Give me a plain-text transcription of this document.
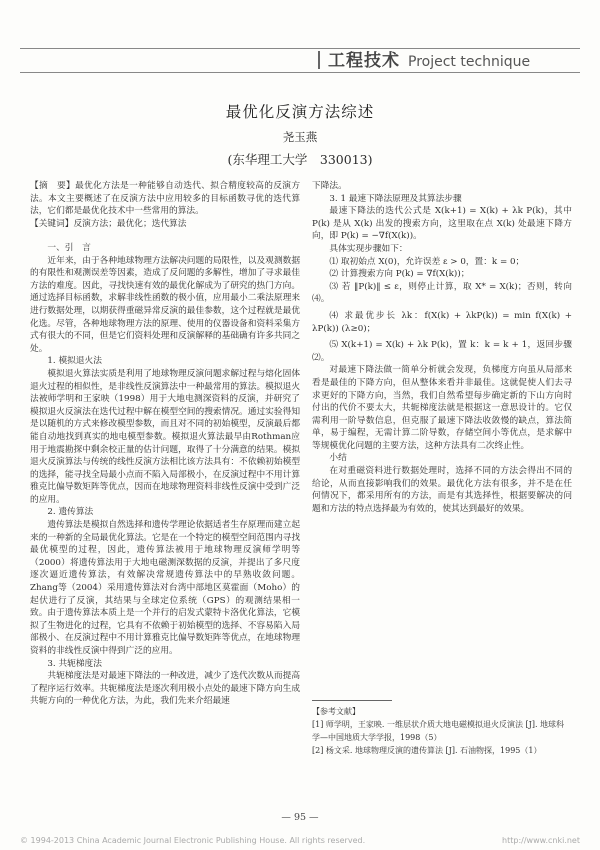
工程技术 Project technique
最优化反演方法综述
尧玉燕
(东华理工大学　330013)

【摘　要】最优化方法是一种能够自动迭代、拟合精度较高的反演方法。本文主要概述了在反演方法中应用较多的目标函数寻优的迭代算法，它们都是最优化技术中一些常用的算法。

【关键词】反演方法；最优化；迭代算法

一、引　言

近年来，由于各种地球物理方法解决问题的局限性，以及观测数据的有限性和观测误差等因素，造成了反问题的多解性，增加了寻求最佳方法的难度。因此，寻找快速有效的最优化解成为了研究的热门方向。通过选择目标函数，求解非线性函数的极小值，应用最小二乘法原理来进行数据处理，以期获得重磁异常反演的最佳参数，这个过程就是最优化选。尽管，各种地球物理方法的原理、使用的仪器设备和资料采集方式有很大的不同，但是它们资料处理和反演解释的基础确有许多共同之处。

1. 模拟退火法

模拟退火算法实质是利用了地球物理反演问题求解过程与熔化固体退火过程的相似性，是非线性反演算法中一种最常用的算法。模拟退火法被师学明和王家映（1998）用于大地电测深资料的反演，并研究了模拟退火反演法在迭代过程中解在模型空间的搜索情况。通过实验得知是以随机的方式来修改模型参数，而且对不同的初始模型，反演最后都能自动地找到真实的地电模型参数。模拟退火算法最早由Rothman应用于地震勘探中剩余校正量的估计问题，取得了十分满意的结果。模拟退火反演算法与传统的线性反演方法相比该方法具有：不依赖初始模型的选择，能寻找全局最小点而不陷入局部极小，在反演过程中不用计算雅克比偏导数矩阵等优点，因而在地球物理资料非线性反演中受到广泛的应用。

2. 遗传算法

遗传算法是模拟自然选择和遗传学理论依据适者生存原理而建立起来的一种新的全局最优化算法。它是在一个特定的模型空间范围内寻找最优模型的过程，因此，遗传算法被用于地球物理反演师学明等（2000）将遗传算法用于大地电磁测深数据的反演，并提出了多尺度逐次逼近遗传算法，有效解决常规遗传算法中的早熟收敛问题。Zhang等（2004）采用遗传算法对台湾中部地区莫霍面（Moho）的起伏进行了反演，其结果与全球定位系统（GPS）的观测结果相一致。由于遗传算法本质上是一个并行的启发式蒙特卡洛优化算法，它模拟了生物进化的过程，它具有不依赖于初始模型的选择、不容易陷入局部极小、在反演过程中不用计算雅克比偏导数矩阵等优点，在地球物理资料的非线性反演中得到广泛的应用。

3. 共轭梯度法

共轭梯度法是对最速下降法的一种改进，减少了迭代次数从而提高了程序运行效率。共轭梯度法是逐次利用极小点处的最速下降方向生成共轭方向的一种优化方法，为此，我们先来介绍最速

下降法。

3. 1 最速下降法原理及其算法步骤

最速下降法的迭代公式是 X(k+1) = X(k) + λk P(k)，其中 P(k) 是从 X(k) 出发的搜索方向，这里取在点 X(k) 处最速下降方向，即 P(k) = −∇f(X(k))。

具体实现步骤如下：

⑴ 取初始点 X(0)，允许误差 ε > 0，置：k = 0；

⑵ 计算搜索方向 P(k) = ∇f(X(k))；

⑶ 若 ‖P(k)‖ ≤ ε，则停止计算，取 X* = X(k)；否则，转向⑷。

⑷ 求最优步长 λk：f(X(k) + λkP(k)) = min f(X(k) + λP(k)) (λ≥0)；

⑸ X(k+1) = X(k) + λk P(k)，置 k：k = k + 1，返回步骤 ⑵。

对最速下降法做一简单分析就会发现，负梯度方向虽从局部来看是最佳的下降方向，但从整体来看并非最佳。这就促使人们去寻求更好的下降方向，当然，我们自然希望每步确定新的下山方向时付出的代价不要太大，共轭梯度法就是根据这一意思设计的。它仅需利用一阶导数信息，但克服了最速下降法收敛慢的缺点，算法简单，易于编程，无需计算二阶导数，存储空间小等优点，是求解中等规模优化问题的主要方法，这种方法具有二次终止性。

小结

在对重磁资料进行数据处理时，选择不同的方法会得出不同的给论，从而直接影响我们的效果。最优化方法有很多，并不是在任何情况下，都采用所有的方法，而是有其选择性，根据要解决的问题和方法的特点选择最为有效的，使其达到最好的效果。

【参考文献】

[1] 师学明，王家映. 一维层状介质大地电磁模拟退火反演法 [J]. 地球科学—中国地质大学学报，1998（5）

[2] 杨文采. 地球物理反演的遗传算法 [J]. 石油物探，1995（1）

— 95 —
© 1994-2013 China Academic Journal Electronic Publishing House. All rights reserved.	http://www.cnki.net
